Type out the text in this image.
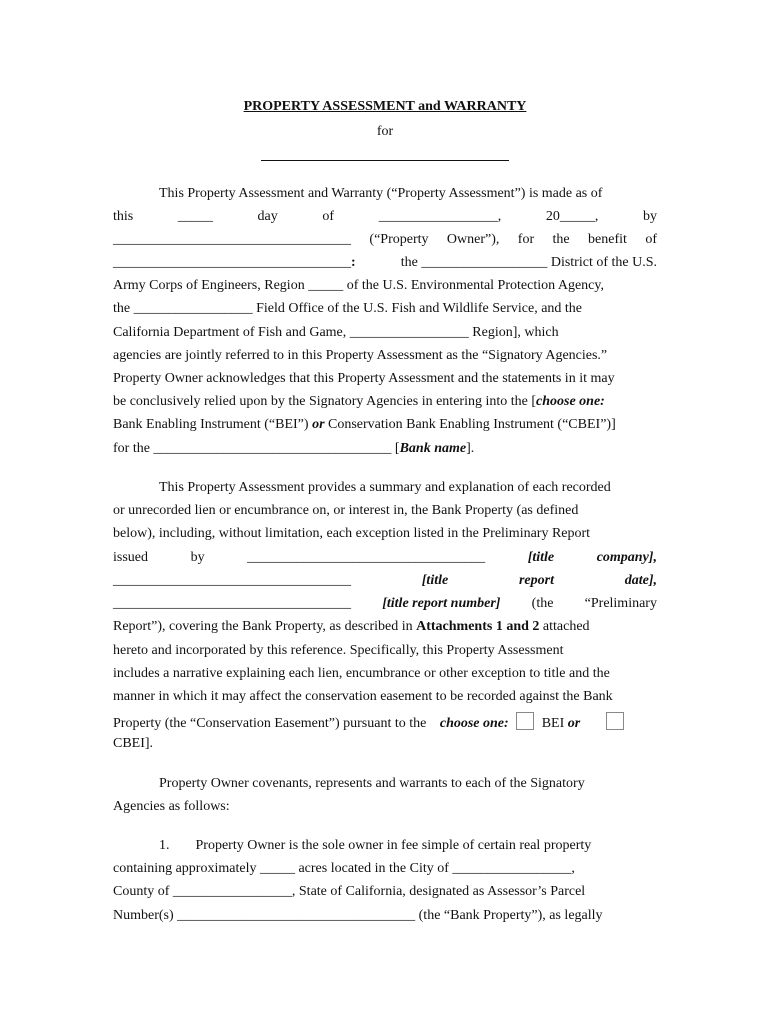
PROPERTY ASSESSMENT and WARRANTY
for
This Property Assessment and Warranty (“Property Assessment”) is made as of
this	_____	day	of	_________________,	20_____,	by
__________________________________ (“Property Owner”), for the benefit of
__________________________________:	the __________________ District of the U.S.
Army Corps of Engineers, Region _____ of the U.S. Environmental Protection Agency,
the _________________ Field Office of the U.S. Fish and Wildlife Service, and the
California Department of Fish and Game, _________________ Region], which
agencies are jointly referred to in this Property Assessment as the “Signatory Agencies.”
Property Owner acknowledges that this Property Assessment and the statements in it may
be conclusively relied upon by the Signatory Agencies in entering into the [choose one:
Bank Enabling Instrument (“BEI”) or Conservation Bank Enabling Instrument (“CBEI”)]
for the __________________________________ [Bank name].
This Property Assessment provides a summary and explanation of each recorded
or unrecorded lien or encumbrance on, or interest in, the Bank Property (as defined
below), including, without limitation, each exception listed in the Preliminary Report
issued	by	__________________________________	[title	company],
__________________________________	[title	report	date],
__________________________________ [title report number] (the “Preliminary
Report”), covering the Bank Property, as described in Attachments 1 and 2 attached
hereto and incorporated by this reference. Specifically, this Property Assessment
includes a narrative explaining each lien, encumbrance or other exception to title and the
manner in which it may affect the conservation easement to be recorded against the Bank
Property (the “Conservation Easement”) pursuant to the choose one: BEI or
CBEI].
Property Owner covenants, represents and warrants to each of the Signatory
Agencies as follows:
1. Property Owner is the sole owner in fee simple of certain real property
containing approximately _____ acres located in the City of _________________,
County of _________________, State of California, designated as Assessor’s Parcel
Number(s) __________________________________ (the “Bank Property”), as legally
